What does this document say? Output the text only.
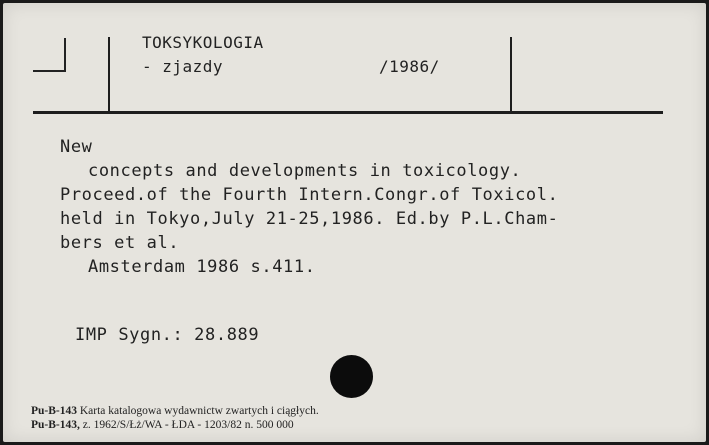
TOKSYKOLOGIA
- zjazdy	/1986/
New
concepts and developments in toxicology.
Proceed.of the Fourth Intern.Congr.of Toxicol.
held in Tokyo,July 21-25,1986. Ed.by P.L.Cham-
bers et al.
Amsterdam 1986 s.411.
IMP Sygn.: 28.889
Pu-B-143 Karta katalogowa wydawnictw zwartych i ciągłych.
Pu-B-143, z. 1962/S/Łż/WA - ŁDA - 1203/82 n. 500 000
